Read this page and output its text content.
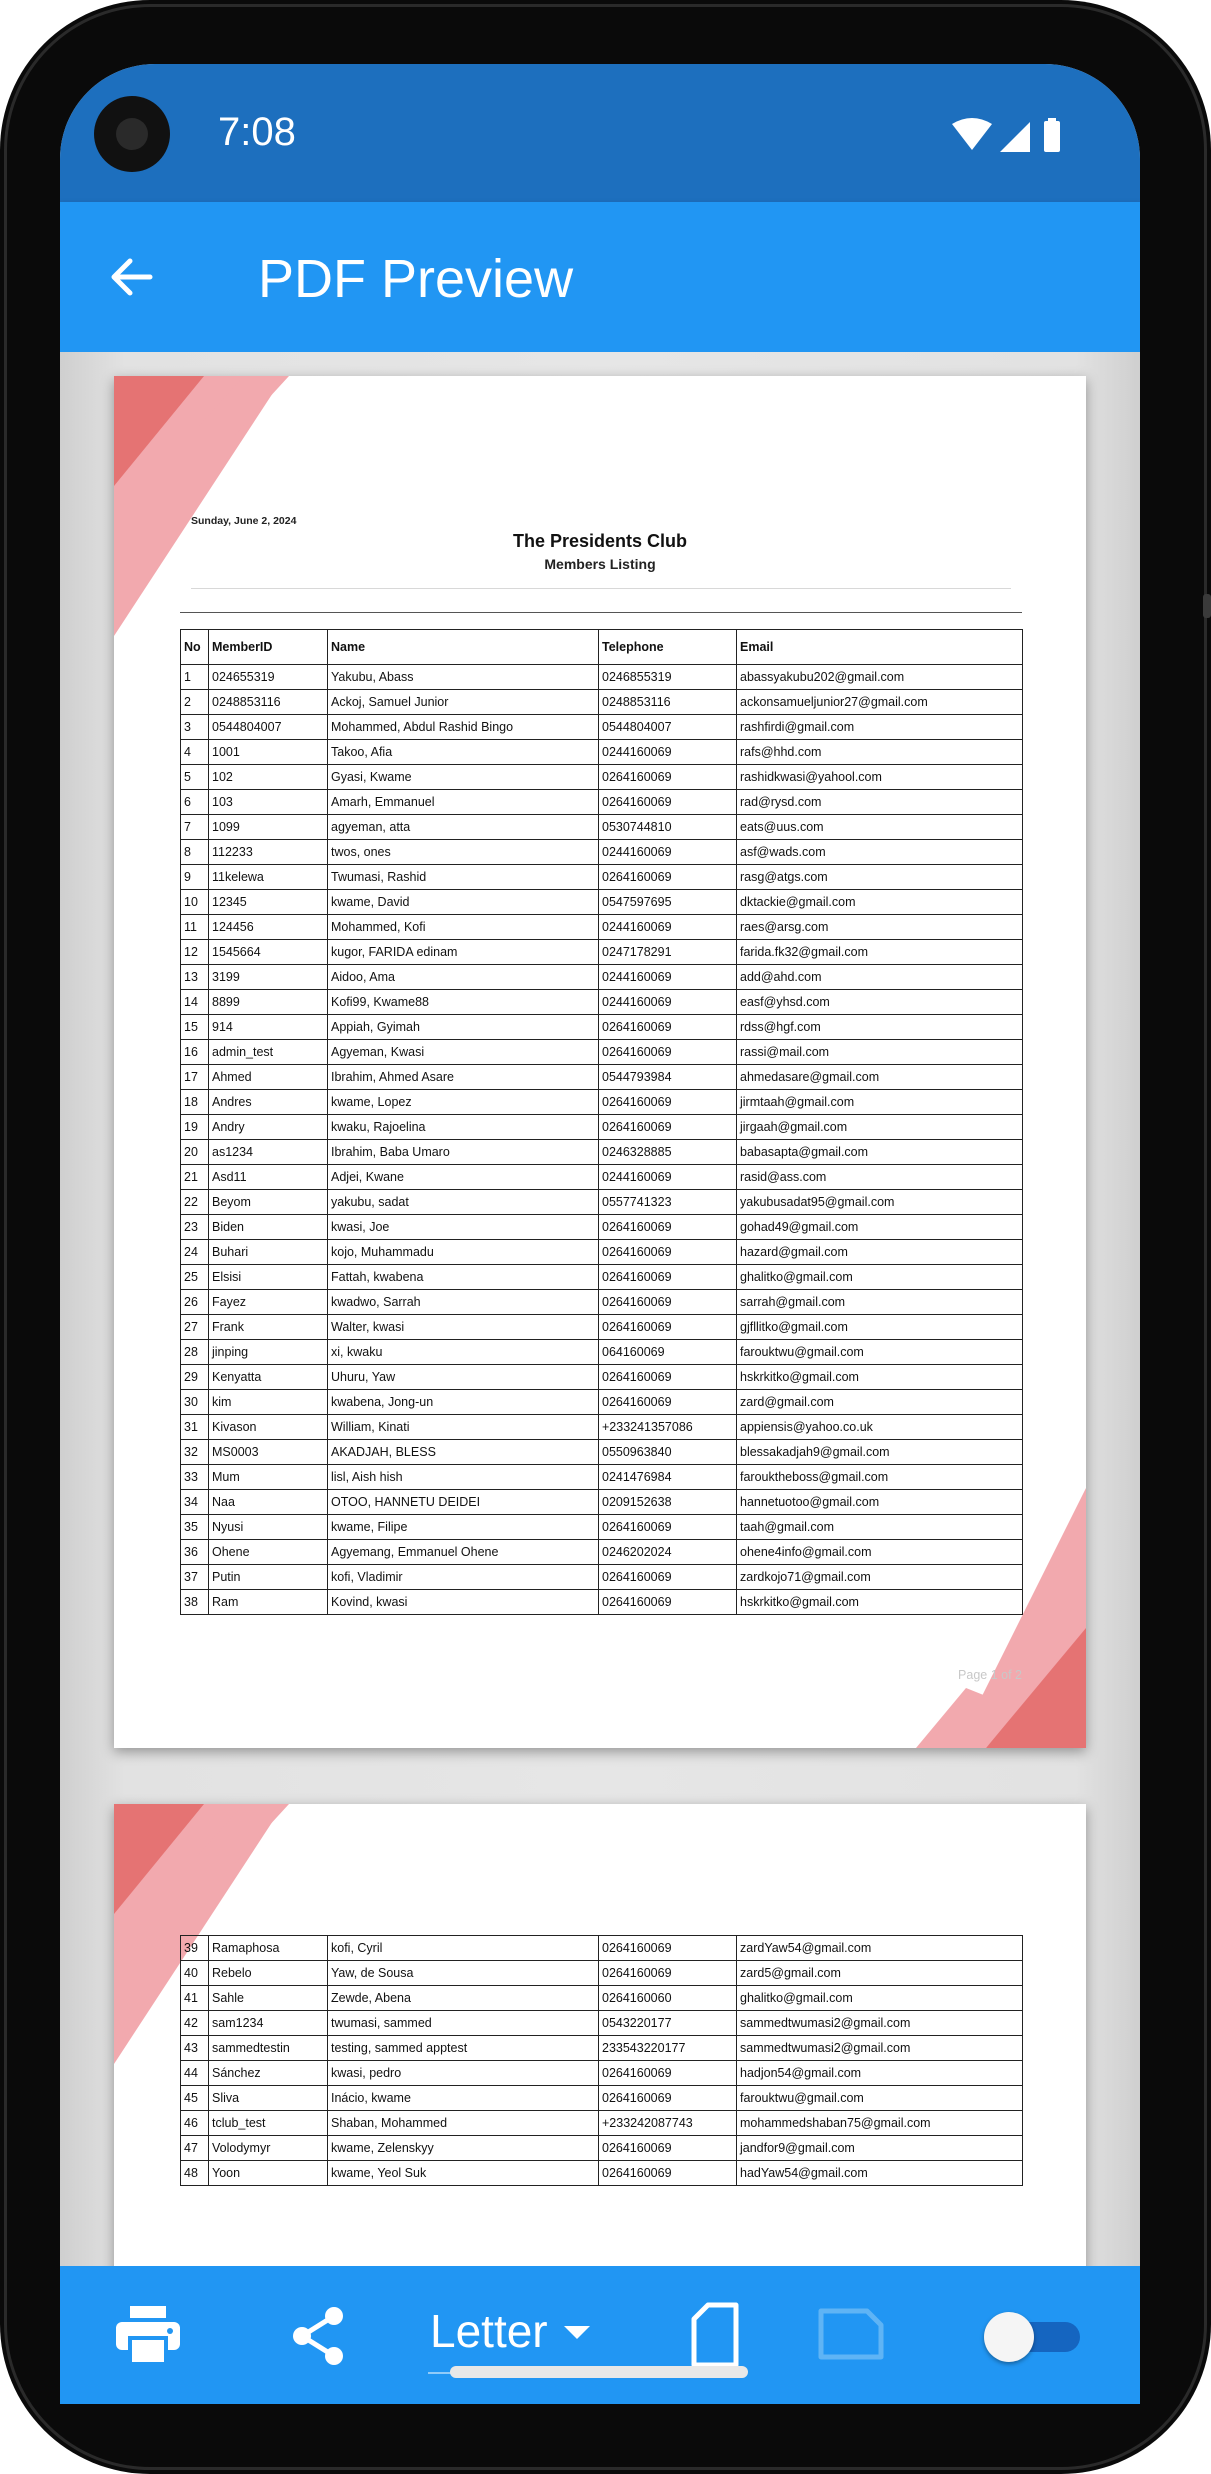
7:08
PDF Preview
Sunday, June 2, 2024
The Presidents Club
Members Listing
No	MemberID	Name	Telephone	Email
1	024655319	Yakubu, Abass	0246855319	abassyakubu202@gmail.com
2	0248853116	Ackoj, Samuel Junior	0248853116	ackonsamueljunior27@gmail.com
3	0544804007	Mohammed, Abdul Rashid Bingo	0544804007	rashfirdi@gmail.com
4	1001	Takoo, Afia	0244160069	rafs@hhd.com
5	102	Gyasi, Kwame	0264160069	rashidkwasi@yahool.com
6	103	Amarh, Emmanuel	0264160069	rad@rysd.com
7	1099	agyeman, atta	0530744810	eats@uus.com
8	112233	twos, ones	0244160069	asf@wads.com
9	11kelewa	Twumasi, Rashid	0264160069	rasg@atgs.com
10	12345	kwame, David	0547597695	dktackie@gmail.com
11	124456	Mohammed, Kofi	0244160069	raes@arsg.com
12	1545664	kugor, FARIDA edinam	0247178291	farida.fk32@gmail.com
13	3199	Aidoo, Ama	0244160069	add@ahd.com
14	8899	Kofi99, Kwame88	0244160069	easf@yhsd.com
15	914	Appiah, Gyimah	0264160069	rdss@hgf.com
16	admin_test	Agyeman, Kwasi	0264160069	rassi@mail.com
17	Ahmed	Ibrahim, Ahmed Asare	0544793984	ahmedasare@gmail.com
18	Andres	kwame, Lopez	0264160069	jirmtaah@gmail.com
19	Andry	kwaku, Rajoelina	0264160069	jirgaah@gmail.com
20	as1234	Ibrahim, Baba Umaro	0246328885	babasapta@gmail.com
21	Asd11	Adjei, Kwane	0244160069	rasid@ass.com
22	Beyom	yakubu, sadat	0557741323	yakubusadat95@gmail.com
23	Biden	kwasi, Joe	0264160069	gohad49@gmail.com
24	Buhari	kojo, Muhammadu	0264160069	hazard@gmail.com
25	Elsisi	Fattah, kwabena	0264160069	ghalitko@gmail.com
26	Fayez	kwadwo, Sarrah	0264160069	sarrah@gmail.com
27	Frank	Walter, kwasi	0264160069	gjfllitko@gmail.com
28	jinping	xi, kwaku	064160069	farouktwu@gmail.com
29	Kenyatta	Uhuru, Yaw	0264160069	hskrkitko@gmail.com
30	kim	kwabena, Jong-un	0264160069	zard@gmail.com
31	Kivason	William, Kinati	+233241357086	appiensis@yahoo.co.uk
32	MS0003	AKADJAH, BLESS	0550963840	blessakadjah9@gmail.com
33	Mum	lisl, Aish hish	0241476984	farouktheboss@gmail.com
34	Naa	OTOO, HANNETU DEIDEI	0209152638	hannetuotoo@gmail.com
35	Nyusi	kwame, Filipe	0264160069	taah@gmail.com
36	Ohene	Agyemang, Emmanuel Ohene	0246202024	ohene4info@gmail.com
37	Putin	kofi, Vladimir	0264160069	zardkojo71@gmail.com
38	Ram	Kovind, kwasi	0264160069	hskrkitko@gmail.com
Page 1 of 2
39	Ramaphosa	kofi, Cyril	0264160069	zardYaw54@gmail.com
40	Rebelo	Yaw, de Sousa	0264160069	zard5@gmail.com
41	Sahle	Zewde, Abena	0264160060	ghalitko@gmail.com
42	sam1234	twumasi, sammed	0543220177	sammedtwumasi2@gmail.com
43	sammedtestin	testing, sammed apptest	233543220177	sammedtwumasi2@gmail.com
44	Sánchez	kwasi, pedro	0264160069	hadjon54@gmail.com
45	Sliva	Inácio, kwame	0264160069	farouktwu@gmail.com
46	tclub_test	Shaban, Mohammed	+233242087743	mohammedshaban75@gmail.com
47	Volodymyr	kwame, Zelenskyy	0264160069	jandfor9@gmail.com
48	Yoon	kwame, Yeol Suk	0264160069	hadYaw54@gmail.com
Letter
